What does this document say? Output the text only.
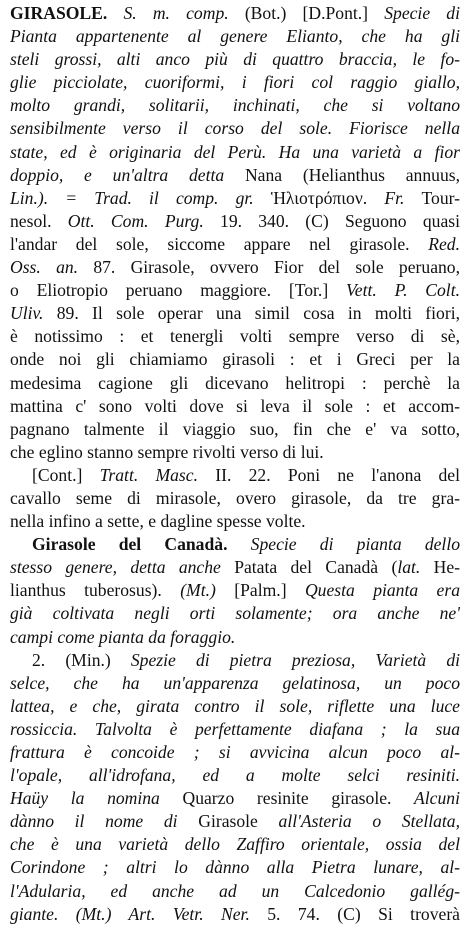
GIRASOLE. S. m. comp. (Bot.) [D.Pont.] Specie di
Pianta appartenente al genere Elianto, che ha gli
steli grossi, alti anco più di quattro braccia, le fo-
glie picciolate, cuoriformi, i fiori col raggio giallo,
molto grandi, solitarii, inchinati, che si voltano
sensibilmente verso il corso del sole. Fiorisce nella
state, ed è originaria del Perù. Ha una varietà a fior
doppio, e un'altra detta Nana (Helianthus annuus,
Lin.). = Trad. il comp. gr. Ἡλιοτρόπιον. Fr. Tour-
nesol. Ott. Com. Purg. 19. 340. (C) Seguono quasi
l'andar del sole, siccome appare nel girasole. Red.
Oss. an. 87. Girasole, ovvero Fior del sole peruano,
o Eliotropio peruano maggiore. [Tor.] Vett. P. Colt.
Uliv. 89. Il sole operar una simil cosa in molti fiori,
è notissimo : et tenergli volti sempre verso di sè,
onde noi gli chiamiamo girasoli : et i Greci per la
medesima cagione gli dicevano helitropi : perchè la
mattina c' sono volti dove si leva il sole : et accom-
pagnano talmente il viaggio suo, fin che e' va sotto,
che eglino stanno sempre rivolti verso di lui.
[Cont.] Tratt. Masc. II. 22. Poni ne l'anona del
cavallo seme di mirasole, overo girasole, da tre gra-
nella infino a sette, e dagline spesse volte.
Girasole del Canadà. Specie di pianta dello
stesso genere, detta anche Patata del Canadà (lat. He-
lianthus tuberosus). (Mt.) [Palm.] Questa pianta era
già coltivata negli orti solamente; ora anche ne'
campi come pianta da foraggio.
2. (Min.) Spezie di pietra preziosa, Varietà di
selce, che ha un'apparenza gelatinosa, un poco
lattea, e che, girata contro il sole, riflette una luce
rossiccia. Talvolta è perfettamente diafana ; la sua
frattura è concoide ; si avvicina alcun poco al-
l'opale, all'idrofana, ed a molte selci resiniti.
Haüy la nomina Quarzo resinite girasole. Alcuni
dànno il nome di Girasole all'Asteria o Stellata,
che è una varietà dello Zaffiro orientale, ossia del
Corindone ; altri lo dànno alla Pietra lunare, al-
l'Adularia, ed anche ad un Calcedonio gallég-
giante. (Mt.) Art. Vetr. Ner. 5. 74. (C) Si troverà
